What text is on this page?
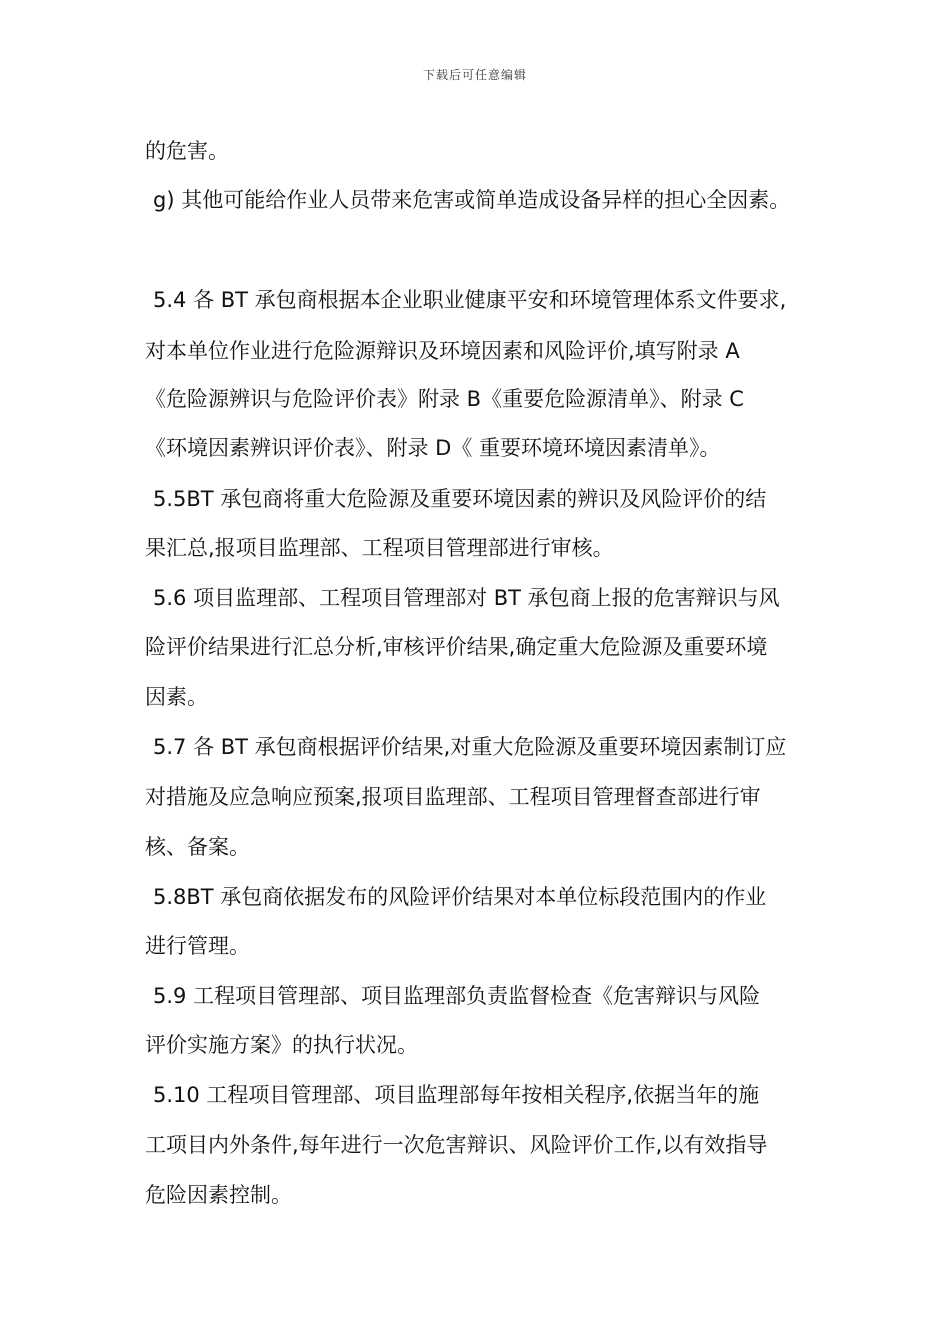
下载后可任意编辑
的危害。
g) 其他可能给作业人员带来危害或简单造成设备异样的担心全因素。
5.4 各 BT 承包商根据本企业职业健康平安和环境管理体系文件要求,
对本单位作业进行危险源辩识及环境因素和风险评价,填写附录 A
《危险源辨识与危险评价表》附录 B《重要危险源清单》、附录 C
《环境因素辨识评价表》、附录 D《 重要环境环境因素清单》。
5.5BT 承包商将重大危险源及重要环境因素的辨识及风险评价的结
果汇总,报项目监理部、工程项目管理部进行审核。
5.6 项目监理部、工程项目管理部对 BT 承包商上报的危害辩识与风
险评价结果进行汇总分析,审核评价结果,确定重大危险源及重要环境
因素。
5.7 各 BT 承包商根据评价结果,对重大危险源及重要环境因素制订应
对措施及应急响应预案,报项目监理部、工程项目管理督查部进行审
核、备案。
5.8BT 承包商依据发布的风险评价结果对本单位标段范围内的作业
进行管理。
5.9 工程项目管理部、项目监理部负责监督检查《危害辩识与风险
评价实施方案》的执行状况。
5.10 工程项目管理部、项目监理部每年按相关程序,依据当年的施
工项目内外条件,每年进行一次危害辩识、风险评价工作,以有效指导
危险因素控制。
